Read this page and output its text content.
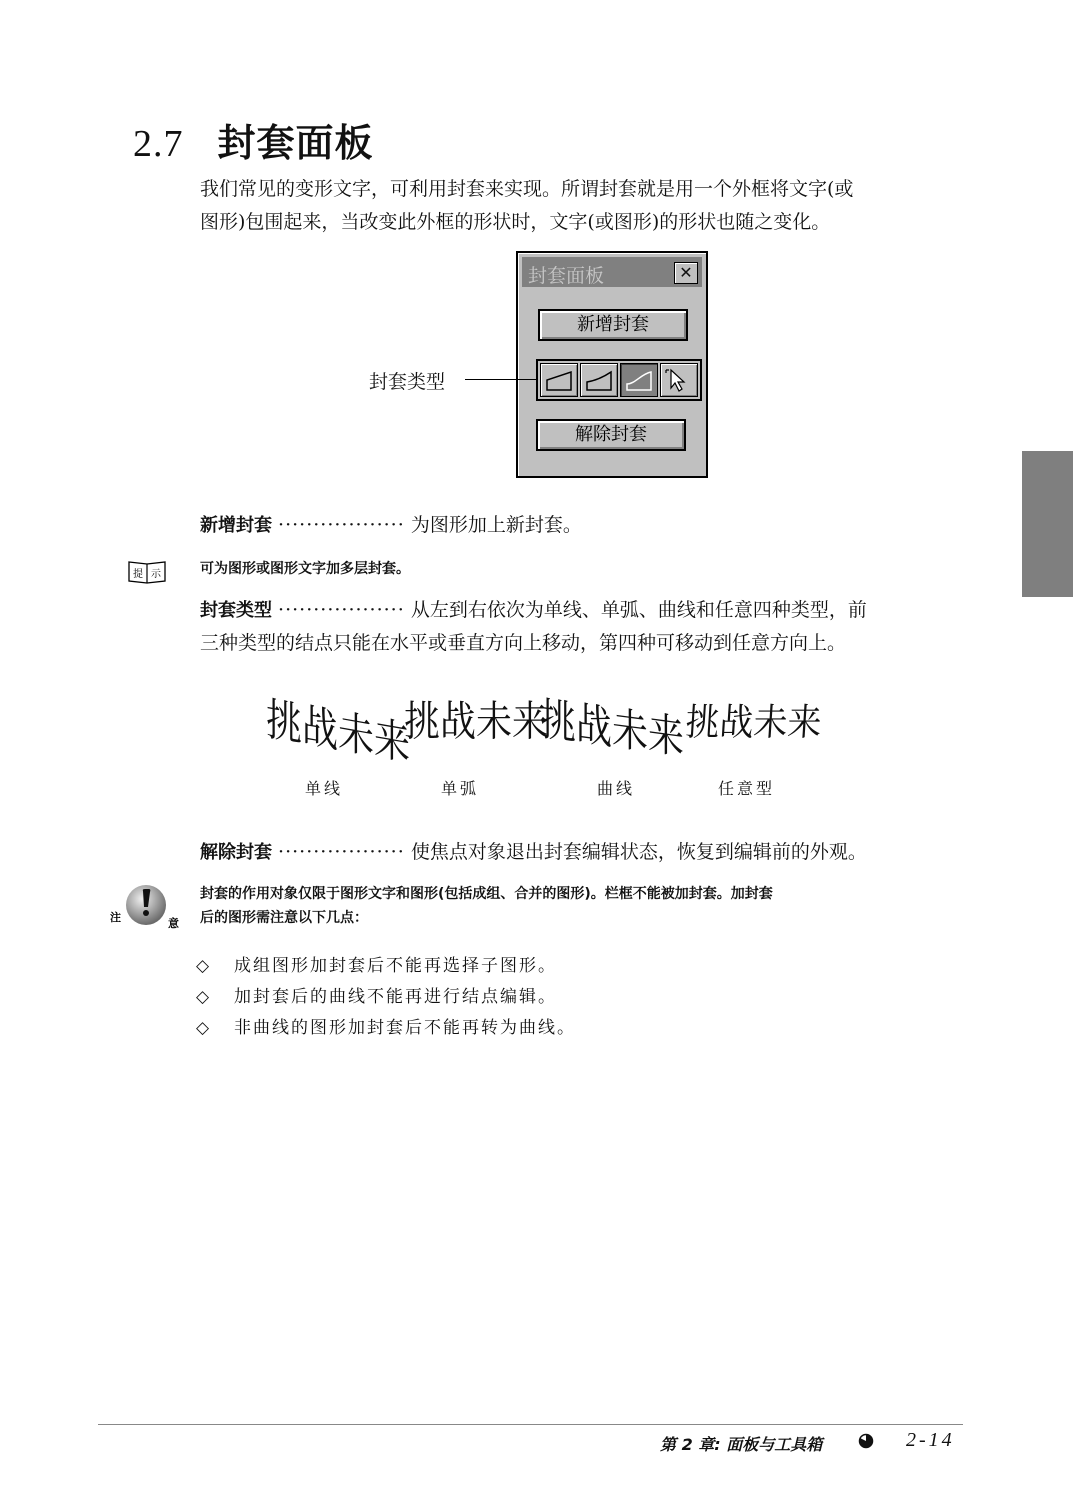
2.7 封套面板
我们常见的变形文字，可利用封套来实现。所谓封套就是用一个外框将文字(或
图形)包围起来，当改变此外框的形状时，文字(或图形)的形状也随之变化。
封套面板	✕
新增封套
解除封套
封套类型
新增封套 ·················· 为图形加上新封套。
提 示	可为图形或图形文字加多层封套。
封套类型 ·················· 从左到右依次为单线、单弧、曲线和任意四种类型，前
三种类型的结点只能在水平或垂直方向上移动，第四种可移动到任意方向上。
挑战未来
挑战未来
挑战未来 挑战未来
单线	单弧	曲线	任意型
解除封套 ·················· 使焦点对象退出封套编辑状态，恢复到编辑前的外观。
注	意
封套的作用对象仅限于图形文字和图形(包括成组、合并的图形)。栏框不能被加封套。加封套
后的图形需注意以下几点：
◇ 成组图形加封套后不能再选择子图形。
◇ 加封套后的曲线不能再进行结点编辑。
◇ 非曲线的图形加封套后不能再转为曲线。
第 2 章: 面板与工具箱	2-14
